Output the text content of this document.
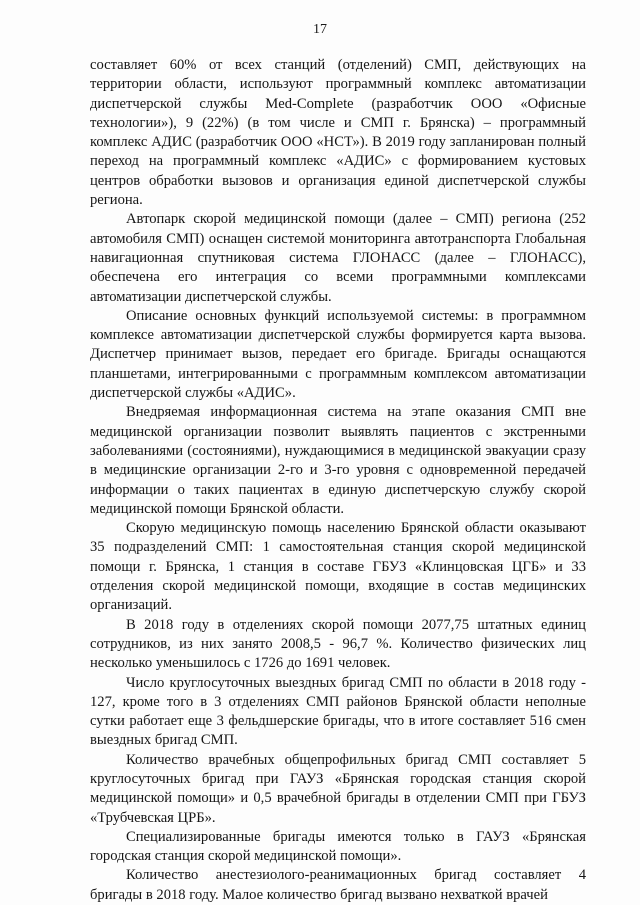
17

составляет 60% от всех станций (отделений) СМП, действующих на территории области, используют программный комплекс автоматизации диспетчерской службы Med-Complete (разработчик ООО «Офисные технологии»), 9 (22%) (в том числе и СМП г. Брянска) – программный комплекс АДИС (разработчик ООО «НСТ»). В 2019 году запланирован полный переход на программный комплекс «АДИС» с формированием кустовых центров обработки вызовов и организация единой диспетчерской службы региона.

Автопарк скорой медицинской помощи (далее – СМП) региона (252 автомобиля СМП) оснащен системой мониторинга автотранспорта Глобальная навигационная спутниковая система ГЛОНАСС (далее – ГЛОНАСС), обеспечена его интеграция со всеми программными комплексами автоматизации диспетчерской службы.

Описание основных функций используемой системы: в программном комплексе автоматизации диспетчерской службы формируется карта вызова. Диспетчер принимает вызов, передает его бригаде. Бригады оснащаются планшетами, интегрированными с программным комплексом автоматизации диспетчерской службы «АДИС».

Внедряемая информационная система на этапе оказания СМП вне медицинской организации позволит выявлять пациентов с экстренными заболеваниями (состояниями), нуждающимися в медицинской эвакуации сразу в медицинские организации 2-го и 3-го уровня с одновременной передачей информации о таких пациентах в единую диспетчерскую службу скорой медицинской помощи Брянской области.

Скорую медицинскую помощь населению Брянской области оказывают 35 подразделений СМП: 1 самостоятельная станция скорой медицинской помощи г. Брянска, 1 станция в составе ГБУЗ «Клинцовская ЦГБ» и 33 отделения скорой медицинской помощи, входящие в состав медицинских организаций.

В 2018 году в отделениях скорой помощи 2077,75 штатных единиц сотрудников, из них занято 2008,5 - 96,7 %. Количество физических лиц несколько уменьшилось с 1726 до 1691 человек.

Число круглосуточных выездных бригад СМП по области в 2018 году - 127, кроме того в 3 отделениях СМП районов Брянской области неполные сутки работает еще 3 фельдшерские бригады, что в итоге составляет 516 смен выездных бригад СМП.

Количество врачебных общепрофильных бригад СМП составляет 5 круглосуточных бригад при ГАУЗ «Брянская городская станция скорой медицинской помощи» и 0,5 врачебной бригады в отделении СМП при ГБУЗ «Трубчевская ЦРБ».

Специализированные бригады имеются только в ГАУЗ «Брянская городская станция скорой медицинской помощи».

Количество анестезиолого-реанимационных бригад составляет 4 бригады в 2018 году. Малое количество бригад вызвано нехваткой врачей
